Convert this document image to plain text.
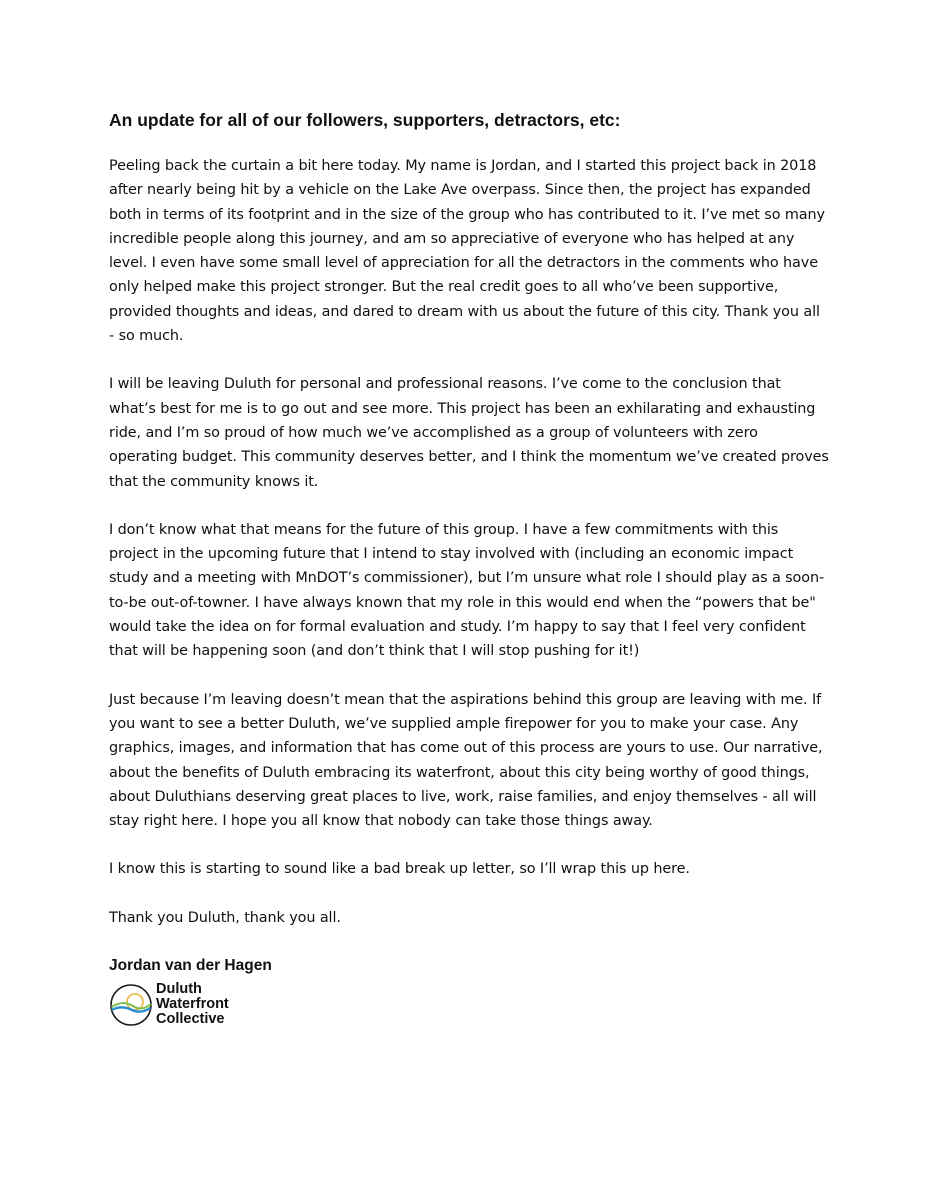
An update for all of our followers, supporters, detractors, etc:

Peeling back the curtain a bit here today. My name is Jordan, and I started this project back in 2018 after nearly being hit by a vehicle on the Lake Ave overpass. Since then, the project has expanded both in terms of its footprint and in the size of the group who has contributed to it. I’ve met so many incredible people along this journey, and am so appreciative of everyone who has helped at any level. I even have some small level of appreciation for all the detractors in the comments who have only helped make this project stronger. But the real credit goes to all who’ve been supportive, provided thoughts and ideas, and dared to dream with us about the future of this city. Thank you all - so much.

I will be leaving Duluth for personal and professional reasons. I’ve come to the conclusion that what’s best for me is to go out and see more. This project has been an exhilarating and exhausting ride, and I’m so proud of how much we’ve accomplished as a group of volunteers with zero operating budget. This community deserves better, and I think the momentum we’ve created proves that the community knows it.

I don’t know what that means for the future of this group. I have a few commitments with this project in the upcoming future that I intend to stay involved with (including an economic impact study and a meeting with MnDOT’s commissioner), but I’m unsure what role I should play as a soon-to-be out-of-towner. I have always known that my role in this would end when the “powers that be" would take the idea on for formal evaluation and study. I’m happy to say that I feel very confident that will be happening soon (and don’t think that I will stop pushing for it!)

Just because I’m leaving doesn’t mean that the aspirations behind this group are leaving with me. If you want to see a better Duluth, we’ve supplied ample firepower for you to make your case. Any graphics, images, and information that has come out of this process are yours to use. Our narrative, about the benefits of Duluth embracing its waterfront, about this city being worthy of good things, about Duluthians deserving great places to live, work, raise families, and enjoy themselves - all will stay right here. I hope you all know that nobody can take those things away.

I know this is starting to sound like a bad break up letter, so I’ll wrap this up here.

Thank you Duluth, thank you all.

Jordan van der Hagen

Duluth
Waterfront
Collective
